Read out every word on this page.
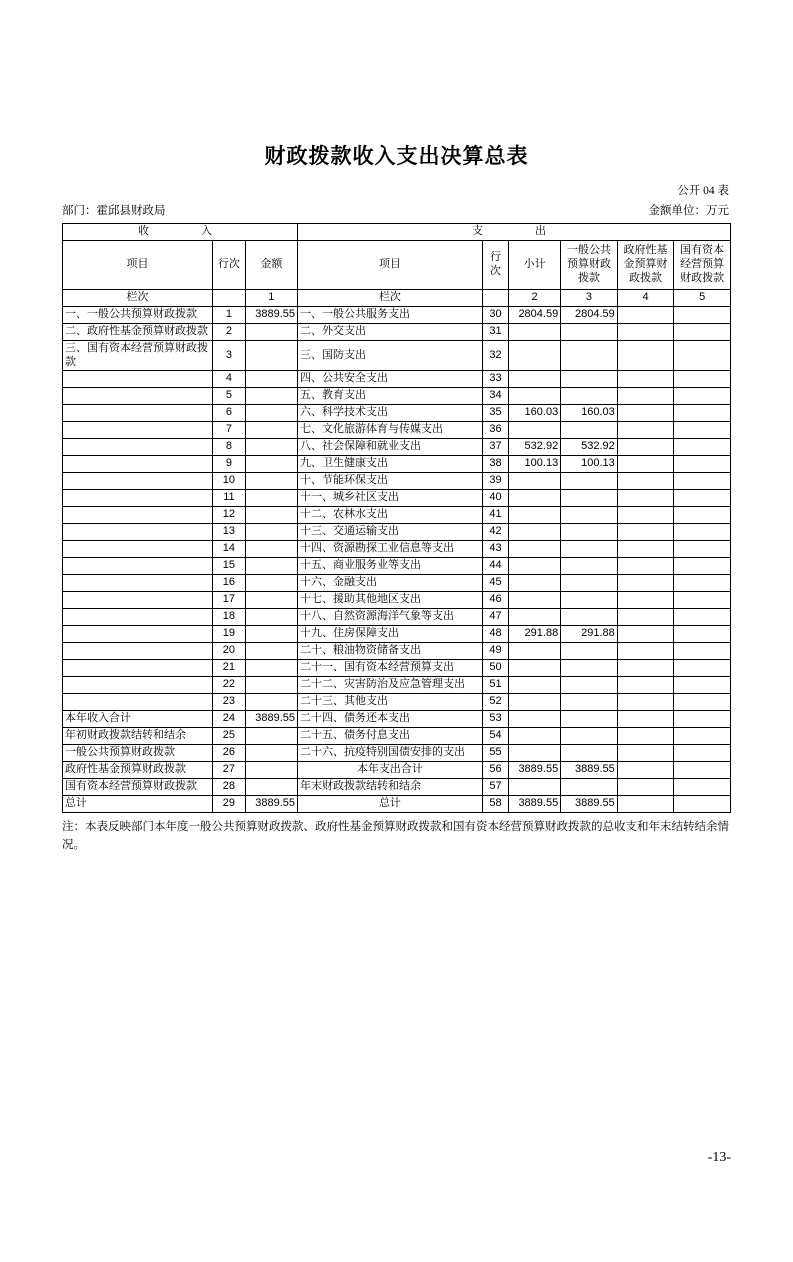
财政拨款收入支出决算总表
公开 04 表
部门：霍邱县财政局	金额单位：万元
收　　入			支　　出					
项目	行次	金额	项目	行次	小计	一般公共预算财政拨款	政府性基金预算财政拨款	国有资本经营预算财政拨款
栏次		1	栏次		2	3	4	5
一、一般公共预算财政拨款	1	3889.55	一、一般公共服务支出	30	2804.59	2804.59		
二、政府性基金预算财政拨款	2		二、外交支出	31				
三、国有资本经营预算财政拨款	3		三、国防支出	32				
	4		四、公共安全支出	33				
	5		五、教育支出	34				
	6		六、科学技术支出	35	160.03	160.03		
	7		七、文化旅游体育与传媒支出	36				
	8		八、社会保障和就业支出	37	532.92	532.92		
	9		九、卫生健康支出	38	100.13	100.13		
	10		十、节能环保支出	39				
	11		十一、城乡社区支出	40				
	12		十二、农林水支出	41				
	13		十三、交通运输支出	42				
	14		十四、资源勘探工业信息等支出	43				
	15		十五、商业服务业等支出	44				
	16		十六、金融支出	45				
	17		十七、援助其他地区支出	46				
	18		十八、自然资源海洋气象等支出	47				
	19		十九、住房保障支出	48	291.88	291.88		
	20		二十、粮油物资储备支出	49				
	21		二十一、国有资本经营预算支出	50				
	22		二十二、灾害防治及应急管理支出	51				
	23		二十三、其他支出	52				
本年收入合计	24	3889.55	二十四、债务还本支出	53				
年初财政拨款结转和结余	25		二十五、债务付息支出	54				
一般公共预算财政拨款	26		二十六、抗疫特别国债安排的支出	55				
政府性基金预算财政拨款	27		本年支出合计	56	3889.55	3889.55		
国有资本经营预算财政拨款	28		年末财政拨款结转和结余	57				
总计	29	3889.55	总计	58	3889.55	3889.55		
注：本表反映部门本年度一般公共预算财政拨款、政府性基金预算财政拨款和国有资本经营预算财政拨款的总收支和年末结转结余情况。
-13-
